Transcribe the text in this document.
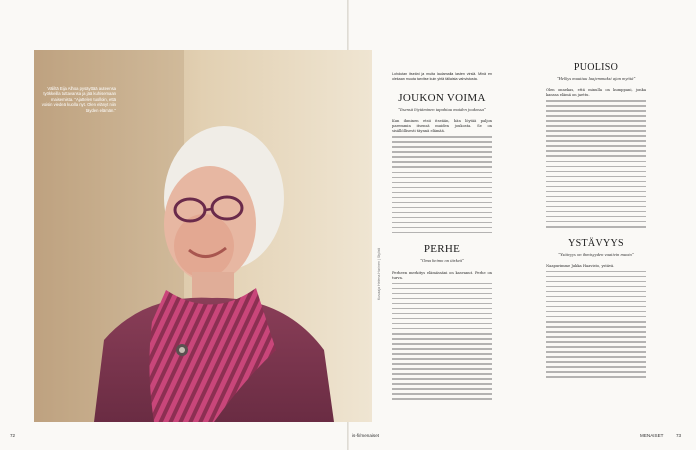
Väliltä Eija Alhoa pysäyttää auteensa työkkeilla tuttavansa ja jää kuhisemaan maisemista. "Ajattelen tuolloin, että voisin viedeä kuolla nyt. Olen elänyt niin täyden elämän."
Kuvaaja Helena Harinen | Stylisti

Lohdutan itseäni ja muita laulamalla lasten virsiä. Minä en olekaan muuta tarvitse kuin yhtä tällaista vahvistusta.

JOUKON VOIMA
"Itsensä löytäminen tapahtuu muiden joukossa"

Kun ihminen etsii itseään, hän löytää paljon paremmin itsensä muiden joukosta. Se on sisällöllisesti täynnä elämää.

PERHE
"Oma heimo on tärkeä"

Perheen merkitys elämässäni on kasvanut. Perhe on turva.

PUOLISO
"Helkys muuttuu laajemmaksi ajan myötä"

Olen onnekas, että minulla on kumppani, jonka kanssa elämä on jaettu.

YSTÄVYYS
"Ystävyys on ihmisyyden vaativin muoto"

Naapurimme Jukka Haavisto, ystävä.

72	is-fi/menaiset	MENAISET	73
